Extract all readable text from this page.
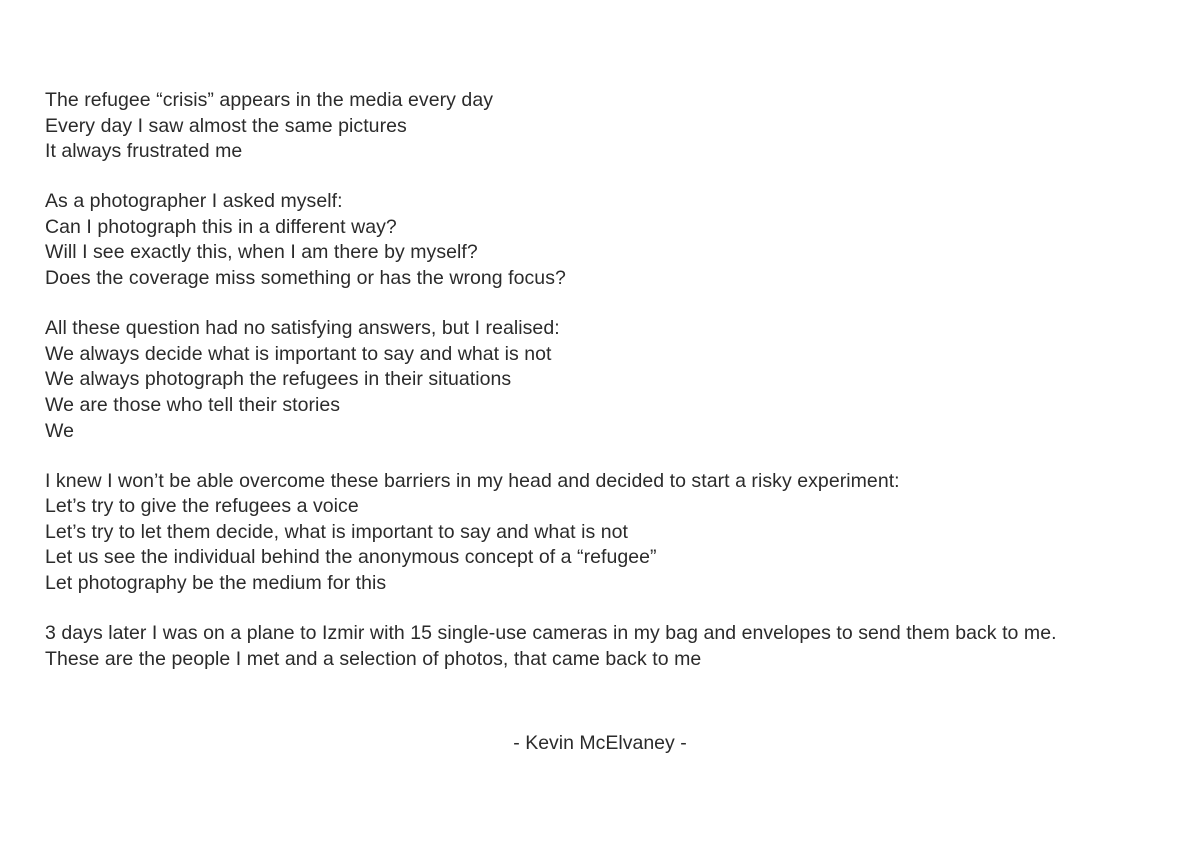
The refugee “crisis” appears in the media every day
Every day I saw almost the same pictures
It always frustrated me
As a photographer I asked myself:
Can I photograph this in a different way?
Will I see exactly this, when I am there by myself?
Does the coverage miss something or has the wrong focus?
All these question had no satisfying answers, but I realised:
We always decide what is important to say and what is not
We always photograph the refugees in their situations
We are those who tell their stories
We
I knew I won’t be able overcome these barriers in my head and decided to start a risky experiment:
Let’s try to give the refugees a voice
Let’s try to let them decide, what is important to say and what is not
Let us see the individual behind the anonymous concept of a “refugee”
Let photography be the medium for this
3 days later I was on a plane to Izmir with 15 single-use cameras in my bag and envelopes to send them back to me.
These are the people I met and a selection of photos, that came back to me
- Kevin McElvaney -
